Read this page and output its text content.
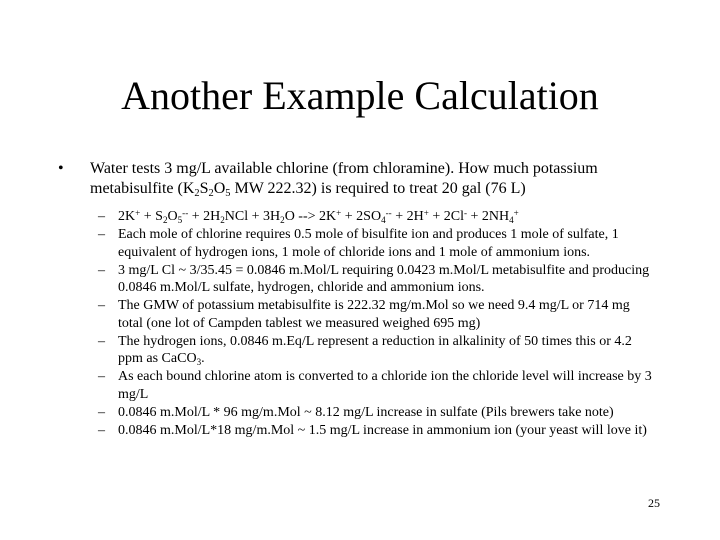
Another Example Calculation
•	Water tests 3 mg/L available chlorine (from chloramine). How much potassium metabisulfite ($K_2S_2O_5$ MW 222.32) is required to treat 20 gal (76 L)
– $2K^+ + S_2O_5^{--} + 2H_2NCl + 3H_2O$ --> $2K^+ + 2SO_4^{--} + 2H^+ + 2Cl^- + 2NH_4^+$
– Each mole of chlorine requires 0.5 mole of bisulfite ion and produces 1 mole of sulfate, 1 equivalent of hydrogen ions, 1 mole of chloride ions and 1 mole of ammonium ions.
– 3 mg/L Cl ~ 3/35.45 = 0.0846 m.Mol/L requiring 0.0423 m.Mol/L metabisulfite and producing 0.0846 m.Mol/L sulfate, hydrogen, chloride and ammonium ions.
– The GMW of potassium metabisulfite is 222.32 mg/m.Mol so we need 9.4 mg/L or 714 mg total (one lot of Campden tablest we measured weighed 695 mg)
– The hydrogen ions, 0.0846 m.Eq/L represent a reduction in alkalinity of 50 times this or 4.2 ppm as CaCO$_3$.
– As each bound chlorine atom is converted to a chloride ion the chloride level will increase by 3 mg/L
– 0.0846 m.Mol/L * 96 mg/m.Mol ~ 8.12 mg/L increase in sulfate (Pils brewers take note)
– 0.0846 m.Mol/L*18 mg/m.Mol ~ 1.5 mg/L increase in ammonium ion (your yeast will love it)
25
